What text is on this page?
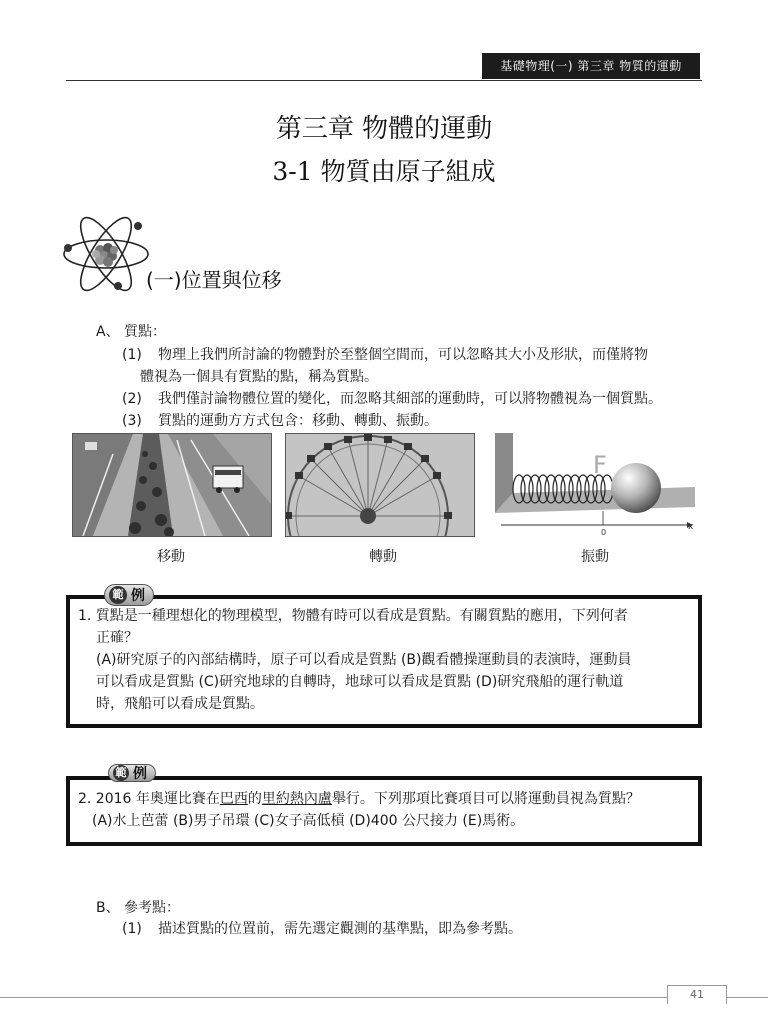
基礎物理(一) 第三章 物質的運動
第三章 物體的運動
3-1 物質由原子組成
(一)位置與位移
A、 質點：
(1) 物理上我們所討論的物體對於至整個空間而，可以忽略其大小及形狀，而僅將物
體視為一個具有質點的點，稱為質點。
(2) 我們僅討論物體位置的變化，而忽略其細部的運動時，可以將物體視為一個質點。
(3) 質點的運動方方式包含：移動、轉動、振動。
x
0
F
移動	轉動	振動
1. 質點是一種理想化的物理模型，物體有時可以看成是質點。有關質點的應用，下列何者
正確？
(A)研究原子的內部結構時，原子可以看成是質點 (B)觀看體操運動員的表演時，運動員
可以看成是質點 (C)研究地球的自轉時，地球可以看成是質點 (D)研究飛船的運行軌道
時，飛船可以看成是質點。
範 例
2. 2016 年奧運比賽在巴西的里約熱內盧舉行。下列那項比賽項目可以將運動員視為質點？
(A)水上芭蕾 (B)男子吊環 (C)女子高低槓 (D)400 公尺接力 (E)馬術。
範 例
B、 參考點：
(1) 描述質點的位置前，需先選定觀測的基準點，即為參考點。
41
